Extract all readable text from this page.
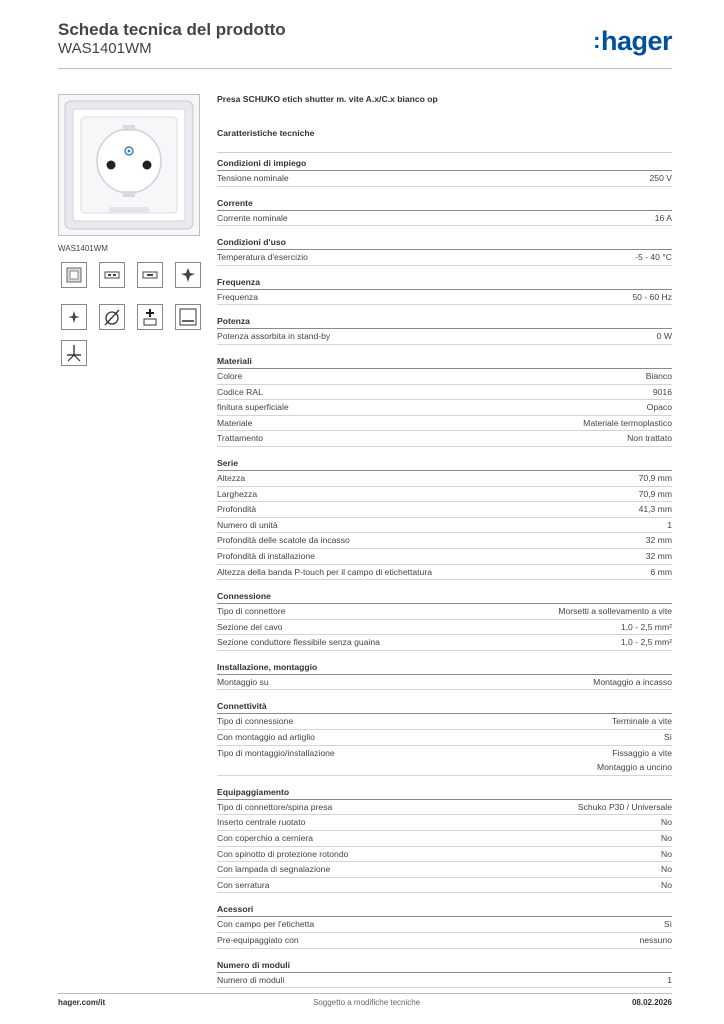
Scheda tecnica del prodotto
WAS1401WM	:hager
WAS1401WM
Presa SCHUKO etich shutter m. vite A.x/C.x bianco op
Caratteristiche tecniche
Condizioni di impiego
Tensione nominale	250 V
Corrente
Corrente nominale	16 A
Condizioni d'uso
Temperatura d'esercizio	-5 - 40 °C
Frequenza
Frequenza	50 - 60 Hz
Potenza
Potenza assorbita in stand-by	0 W
Materiali
Colore	Bianco
Codice RAL	9016
finitura superficiale	Opaco
Materiale	Materiale termoplastico
Trattamento	Non trattato
Serie
Altezza	70,9 mm
Larghezza	70,9 mm
Profondità	41,3 mm
Numero di unità	1
Profondità delle scatole da incasso	32 mm
Profondità di installazione	32 mm
Altezza della banda P-touch per il campo di etichettatura	6 mm
Connessione
Tipo di connettore	Morsetti a sollevamento a vite
Sezione del cavo	1,0 - 2,5 mm²
Sezione conduttore flessibile senza guaina	1,0 - 2,5 mm²
Installazione, montaggio
Montaggio su	Montaggio a incasso
Connettività
Tipo di connessione	Terminale a vite
Con montaggio ad artiglio	Sì
Tipo di montaggio/installazione	Fissaggio a vite
Montaggio a uncino
Equipaggiamento
Tipo di connettore/spina presa	Schuko P30 / Universale
Inserto centrale ruotato	No
Con coperchio a cerniera	No
Con spinotto di protezione rotondo	No
Con lampada di segnalazione	No
Con serratura	No
Acessori
Con campo per l'etichetta	Sì
Pre-equipaggiato con	nessuno
Numero di moduli
Numero di moduli	1
hager.com/it	Soggetto a modifiche tecniche	08.02.2026
